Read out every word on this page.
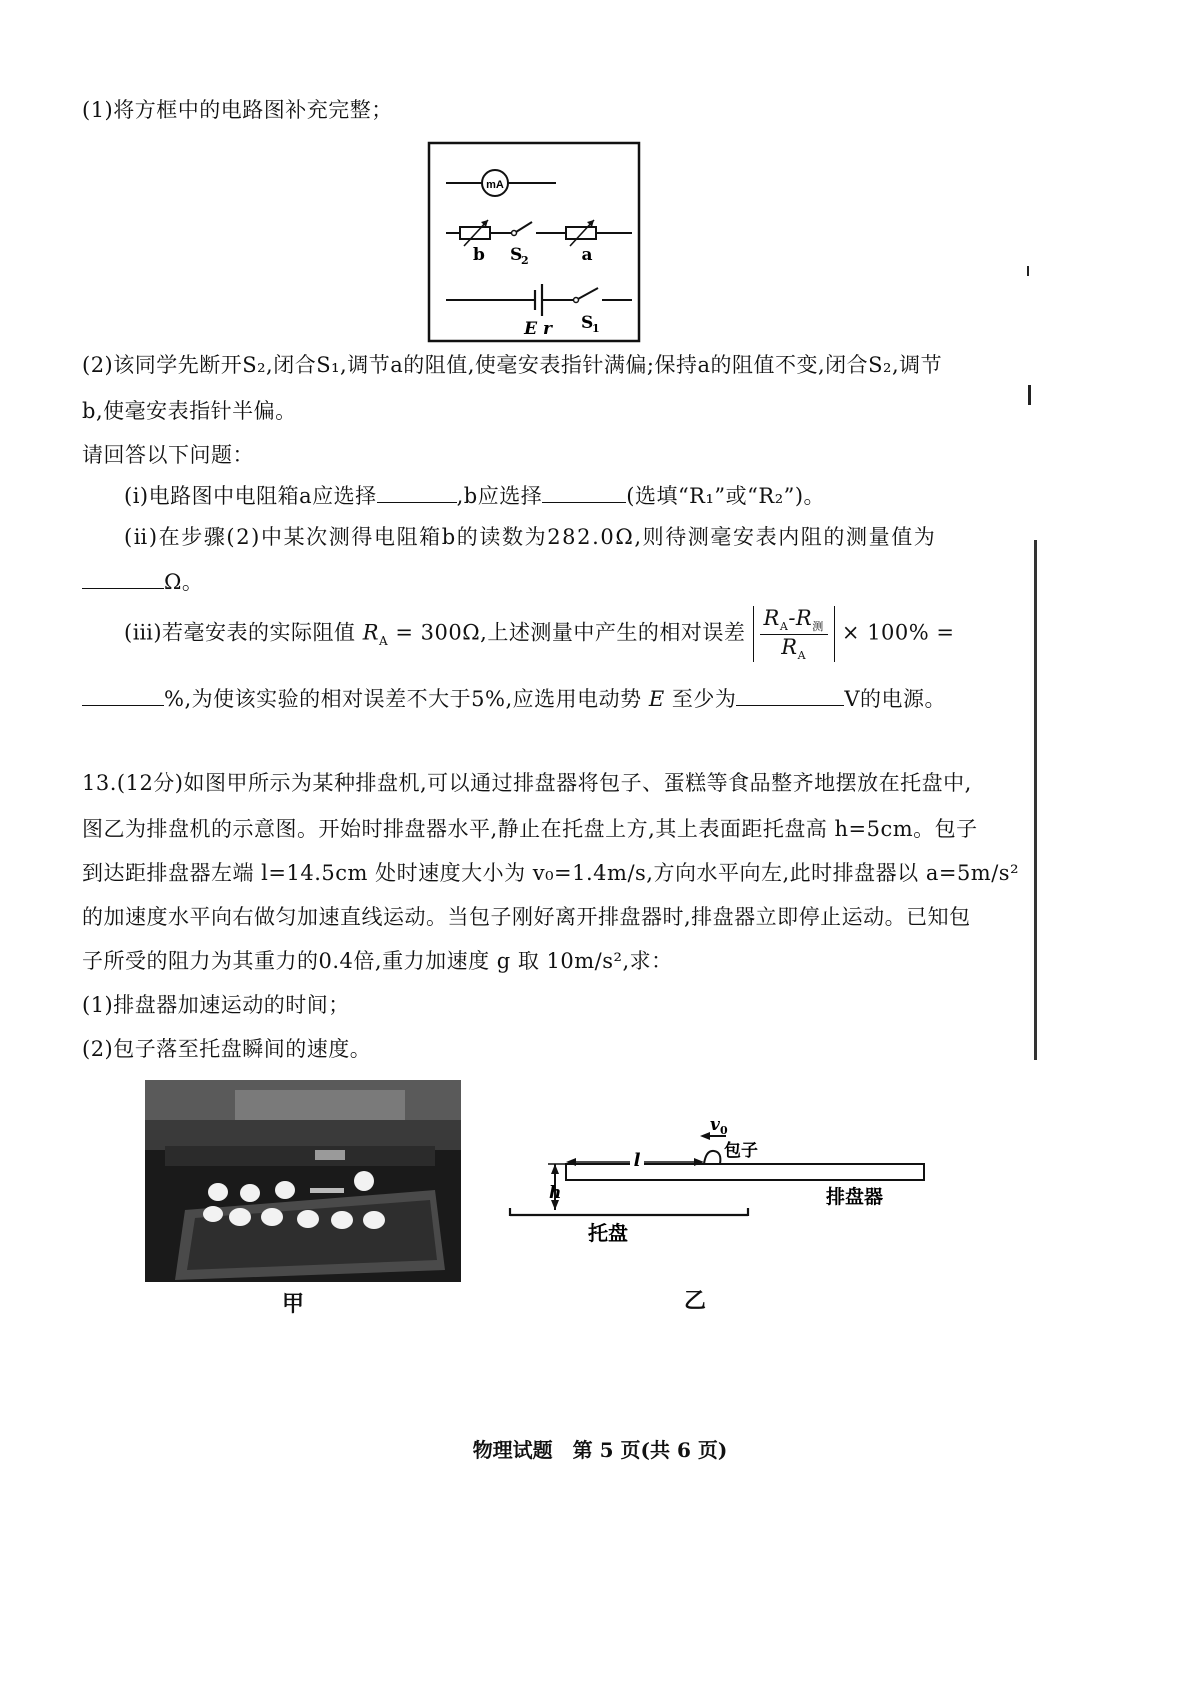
(1)将方框中的电路图补充完整；
mA
b S
2	a
E r S
1
(2)该同学先断开S₂,闭合S₁,调节a的阻值,使毫安表指针满偏;保持a的阻值不变,闭合S₂,调节
b,使毫安表指针半偏。
请回答以下问题：
(ⅰ)电路图中电阻箱a应选择	,b应选择	(选填“R₁”或“R₂”)。
(ⅱ)在步骤(2)中某次测得电阻箱b的读数为282.0Ω,则待测毫安表内阻的测量值为
Ω。
(ⅲ)若毫安表的实际阻值 $R_A = 300\Omega$,上述测量中产生的相对误差 $\frac{R_A-R_测}{R_A} \times 100\%$ =
%,为使该实验的相对误差不大于5%,应选用电动势 E 至少为	V的电源。
13.(12分)如图甲所示为某种排盘机,可以通过排盘器将包子、蛋糕等食品整齐地摆放在托盘中,
图乙为排盘机的示意图。开始时排盘器水平,静止在托盘上方,其上表面距托盘高 h=5cm。包子
到达距排盘器左端 l=14.5cm 处时速度大小为 v₀=1.4m/s,方向水平向左,此时排盘器以 a=5m/s²
的加速度水平向右做匀加速直线运动。当包子刚好离开排盘器时,排盘器立即停止运动。已知包
子所受的阻力为其重力的0.4倍,重力加速度 g 取 10m/s²,求：
(1)排盘器加速运动的时间；
(2)包子落至托盘瞬间的速度。
甲
h
托盘
l	包子
v 0
排盘器
乙
物理试题　第 5 页(共 6 页)
